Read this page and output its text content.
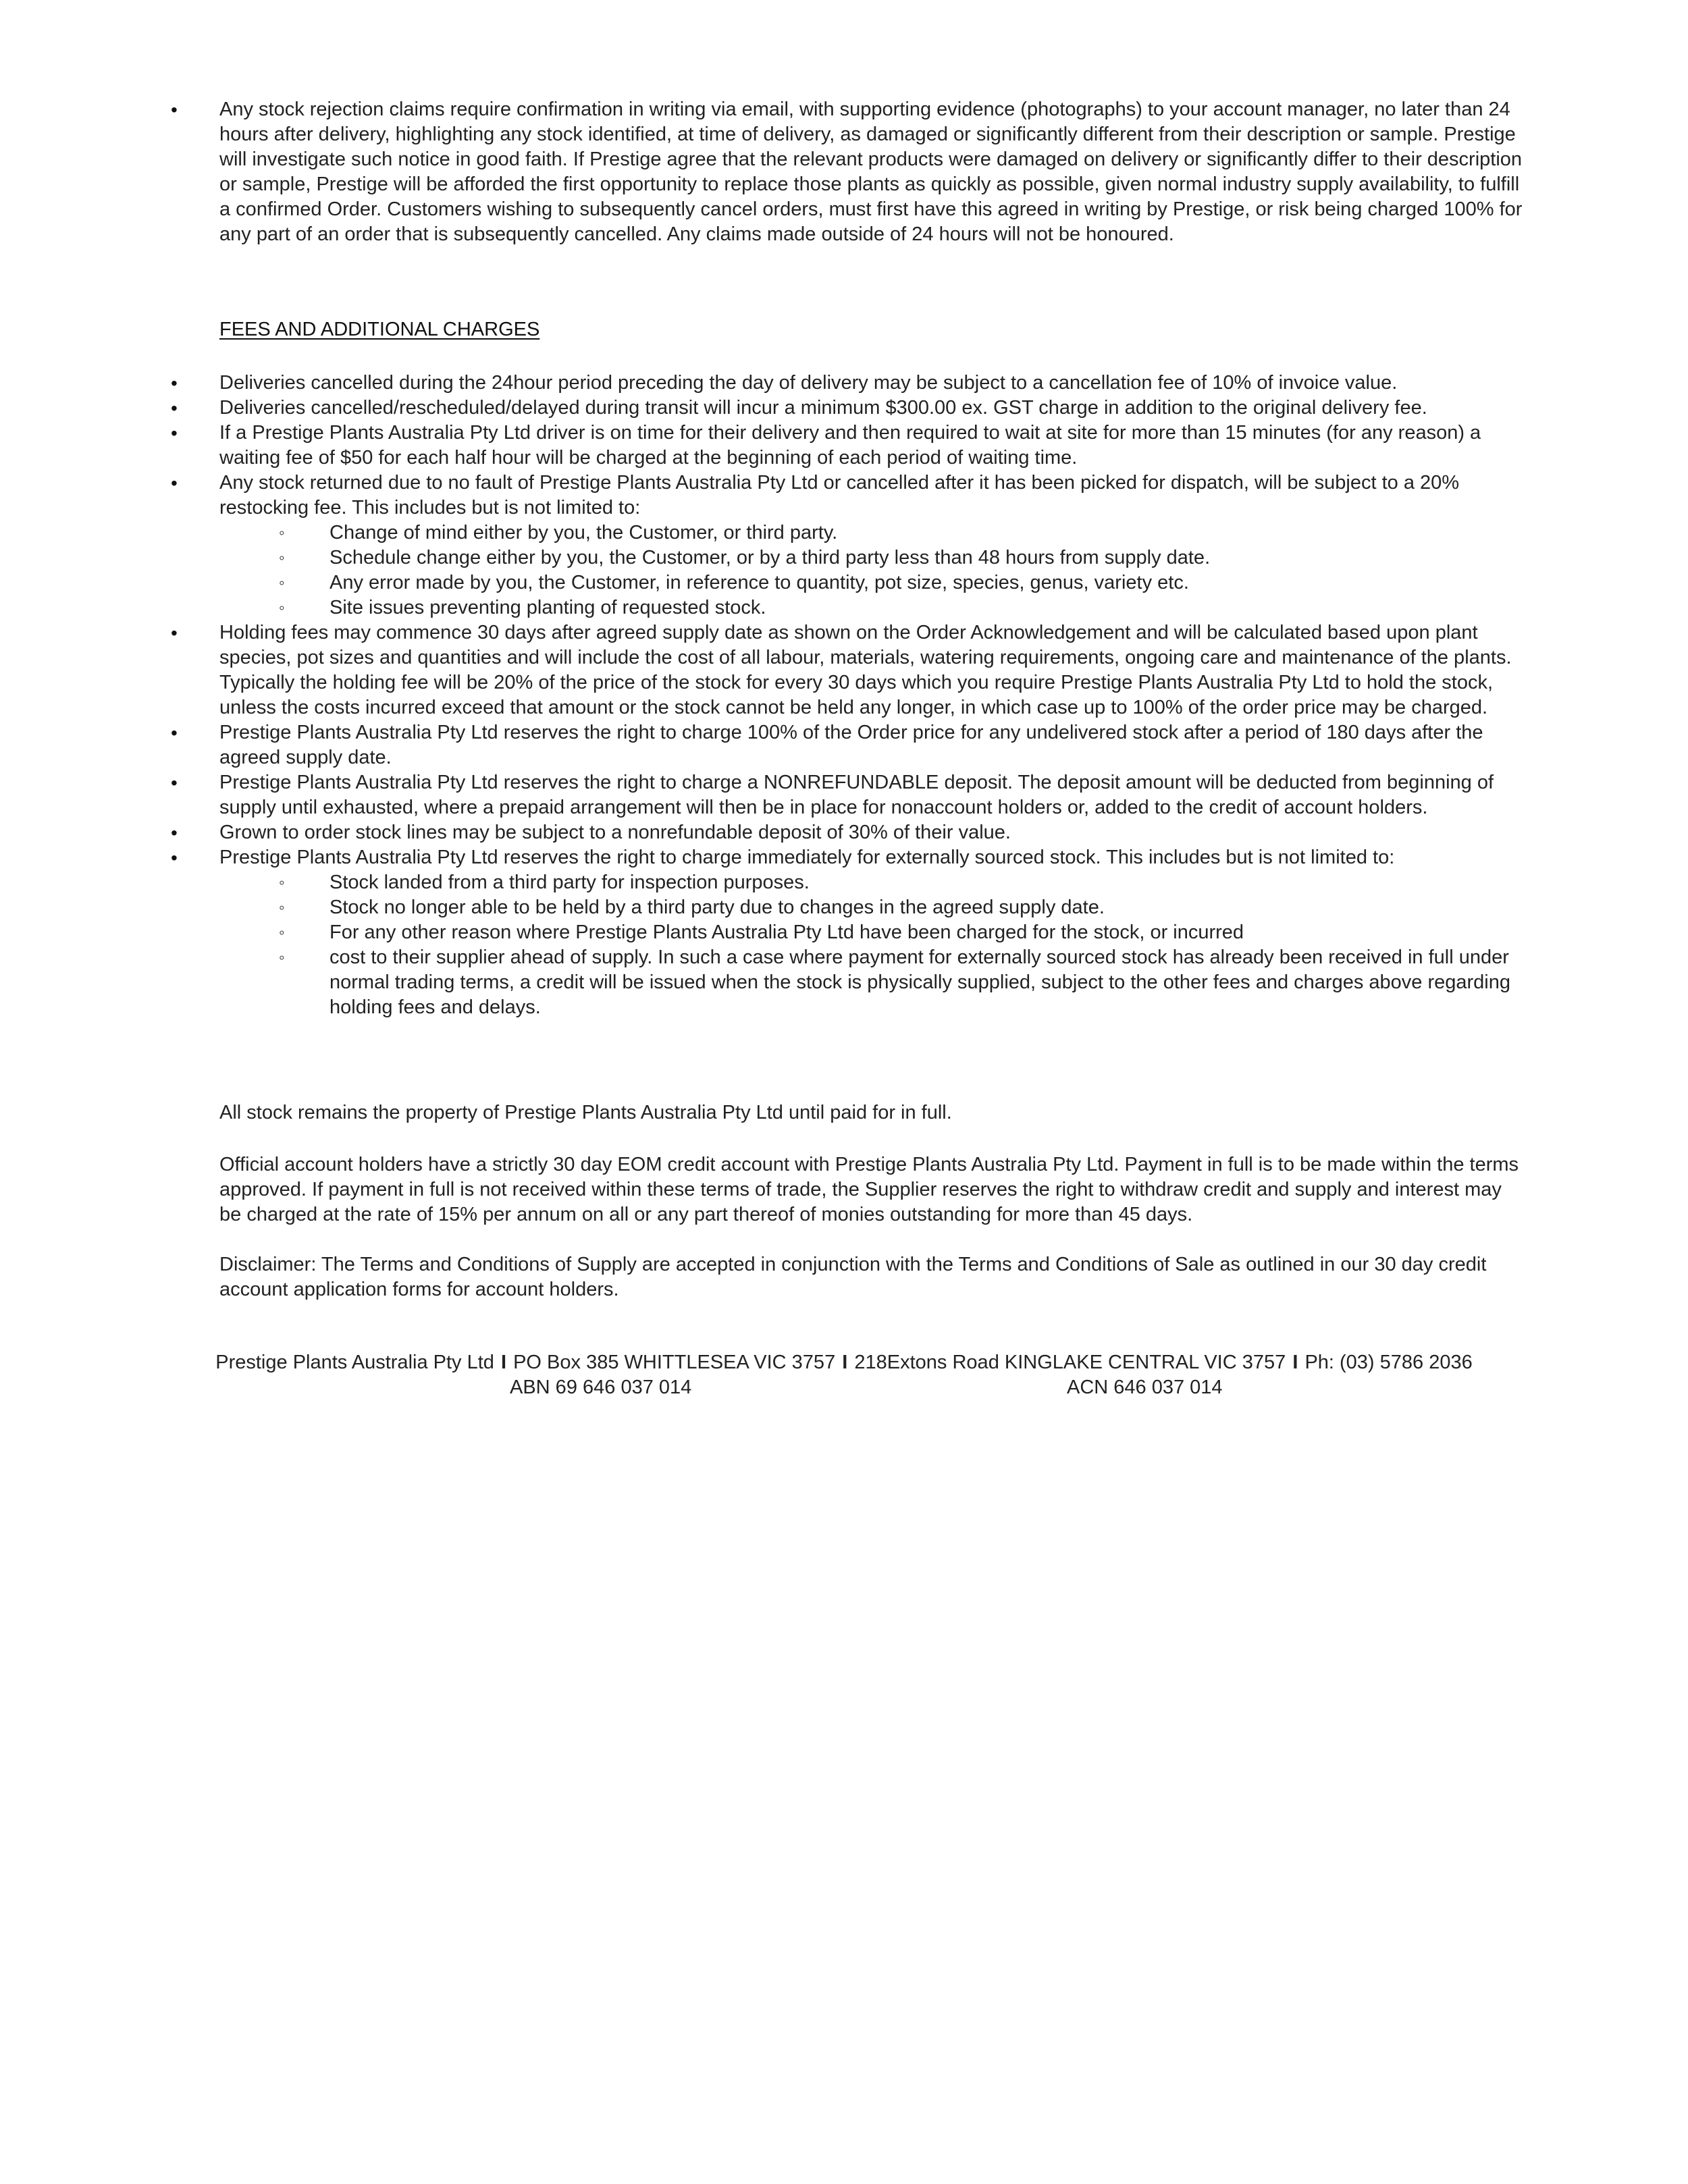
• Any stock rejection claims require confirmation in writing via email, with supporting evidence (photographs) to your account manager, no later than 24 hours after delivery, highlighting any stock identified, at time of delivery, as damaged or significantly different from their description or sample. Prestige will investigate such notice in good faith. If Prestige agree that the relevant products were damaged on delivery or significantly differ to their description or sample, Prestige will be afforded the first opportunity to replace those plants as quickly as possible, given normal industry supply availability, to fulfill a confirmed Order. Customers wishing to subsequently cancel orders, must first have this agreed in writing by Prestige, or risk being charged 100% for any part of an order that is subsequently cancelled. Any claims made outside of 24 hours will not be honoured.
FEES AND ADDITIONAL CHARGES
• Deliveries cancelled during the 24hour period preceding the day of delivery may be subject to a cancellation fee of 10% of invoice value.
• Deliveries cancelled/rescheduled/delayed during transit will incur a minimum $300.00 ex. GST charge in addition to the original delivery fee.
• If a Prestige Plants Australia Pty Ltd driver is on time for their delivery and then required to wait at site for more than 15 minutes (for any reason) a waiting fee of $50 for each half hour will be charged at the beginning of each period of waiting time.
• Any stock returned due to no fault of Prestige Plants Australia Pty Ltd or cancelled after it has been picked for dispatch, will be subject to a 20% restocking fee. This includes but is not limited to:
◦ Change of mind either by you, the Customer, or third party.
◦ Schedule change either by you, the Customer, or by a third party less than 48 hours from supply date.
◦ Any error made by you, the Customer, in reference to quantity, pot size, species, genus, variety etc.
◦ Site issues preventing planting of requested stock.
• Holding fees may commence 30 days after agreed supply date as shown on the Order Acknowledgement and will be calculated based upon plant species, pot sizes and quantities and will include the cost of all labour, materials, watering requirements, ongoing care and maintenance of the plants. Typically the holding fee will be 20% of the price of the stock for every 30 days which you require Prestige Plants Australia Pty Ltd to hold the stock, unless the costs incurred exceed that amount or the stock cannot be held any longer, in which case up to 100% of the order price may be charged.
• Prestige Plants Australia Pty Ltd reserves the right to charge 100% of the Order price for any undelivered stock after a period of 180 days after the agreed supply date.
• Prestige Plants Australia Pty Ltd reserves the right to charge a NONREFUNDABLE deposit. The deposit amount will be deducted from beginning of supply until exhausted, where a prepaid arrangement will then be in place for nonaccount holders or, added to the credit of account holders.
• Grown to order stock lines may be subject to a nonrefundable deposit of 30% of their value.
• Prestige Plants Australia Pty Ltd reserves the right to charge immediately for externally sourced stock. This includes but is not limited to:
◦ Stock landed from a third party for inspection purposes.
◦ Stock no longer able to be held by a third party due to changes in the agreed supply date.
◦ For any other reason where Prestige Plants Australia Pty Ltd have been charged for the stock, or incurred
◦ cost to their supplier ahead of supply. In such a case where payment for externally sourced stock has already been received in full under normal trading terms, a credit will be issued when the stock is physically supplied, subject to the other fees and charges above regarding holding fees and delays.

All stock remains the property of Prestige Plants Australia Pty Ltd until paid for in full.

Official account holders have a strictly 30 day EOM credit account with Prestige Plants Australia Pty Ltd. Payment in full is to be made within the terms approved. If payment in full is not received within these terms of trade, the Supplier reserves the right to withdraw credit and supply and interest may be charged at the rate of 15% per annum on all or any part thereof of monies outstanding for more than 45 days.

Disclaimer: The Terms and Conditions of Supply are accepted in conjunction with the Terms and Conditions of Sale as outlined in our 30 day credit account application forms for account holders.

Prestige Plants Australia Pty Ltd I PO Box 385 WHITTLESEA VIC 3757 I 218Extons Road KINGLAKE CENTRAL VIC 3757 I Ph: (03) 5786 2036
ABN 69 646 037 014	ACN 646 037 014
